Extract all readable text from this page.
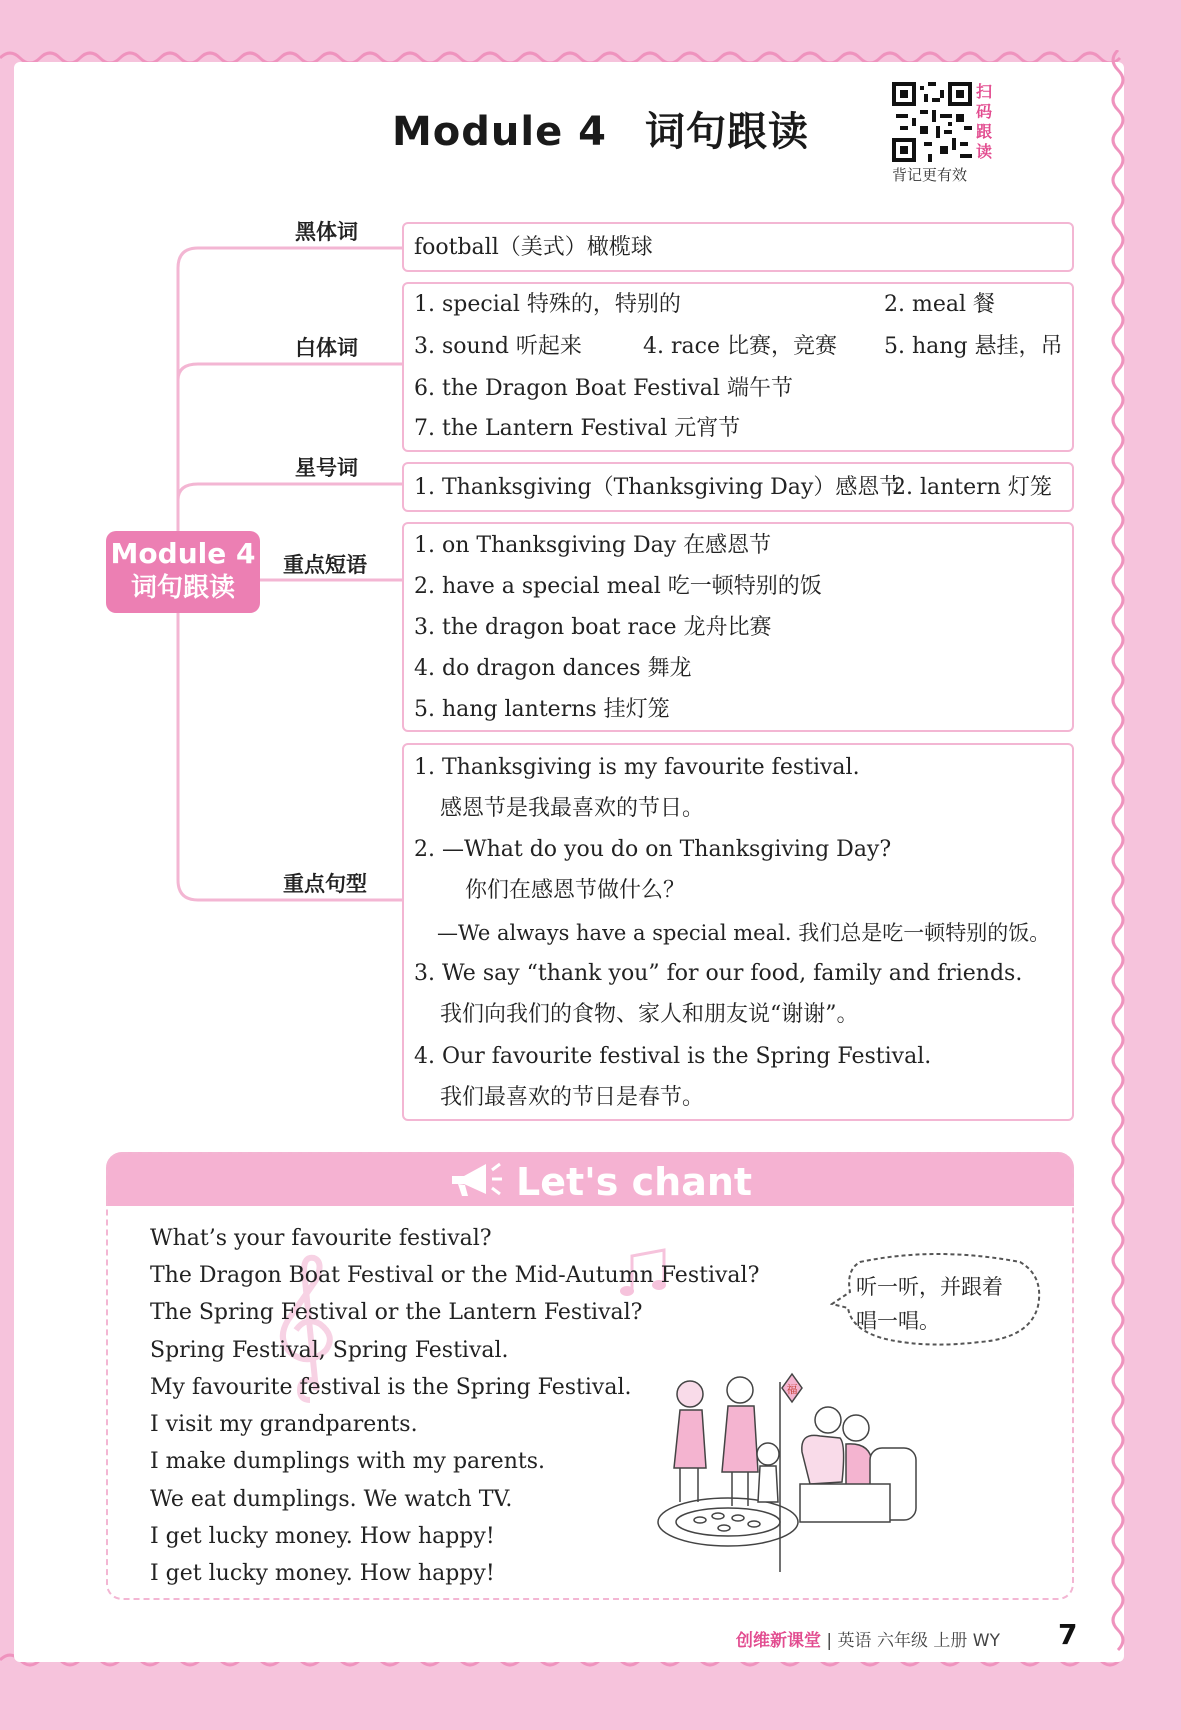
Module 4 词句跟读
扫
码
跟
读
背记更有效
Module 4
词句跟读
黑体词
白体词
星号词
重点短语
重点句型
football（美式）橄榄球
1. special 特殊的，特别的	2. meal 餐
3. sound 听起来	4. race 比赛，竞赛 5. hang 悬挂，吊
6. the Dragon Boat Festival 端午节
7. the Lantern Festival 元宵节
1. Thanksgiving（Thanksgiving Day）感恩节
2. lantern 灯笼
1. on Thanksgiving Day 在感恩节
2. have a special meal 吃一顿特别的饭
3. the dragon boat race 龙舟比赛
4. do dragon dances 舞龙
5. hang lanterns 挂灯笼
1. Thanksgiving is my favourite festival.
感恩节是我最喜欢的节日。
2. —What do you do on Thanksgiving Day?
你们在感恩节做什么？
—We always have a special meal. 我们总是吃一顿特别的饭。
3. We say “thank you” for our food, family and friends.
我们向我们的食物、家人和朋友说“谢谢”。
4. Our favourite festival is the Spring Festival.
我们最喜欢的节日是春节。
Let's chant
What’s your favourite festival?
The Dragon Boat Festival or the Mid-Autumn Festival?
The Spring Festival or the Lantern Festival?
Spring Festival, Spring Festival.
My favourite festival is the Spring Festival.
I visit my grandparents.
I make dumplings with my parents.
We eat dumplings. We watch TV.
I get lucky money. How happy!
I get lucky money. How happy!
听一听，并跟着
唱一唱。
福
创维新课堂 | 英语 六年级 上册 WY 7
